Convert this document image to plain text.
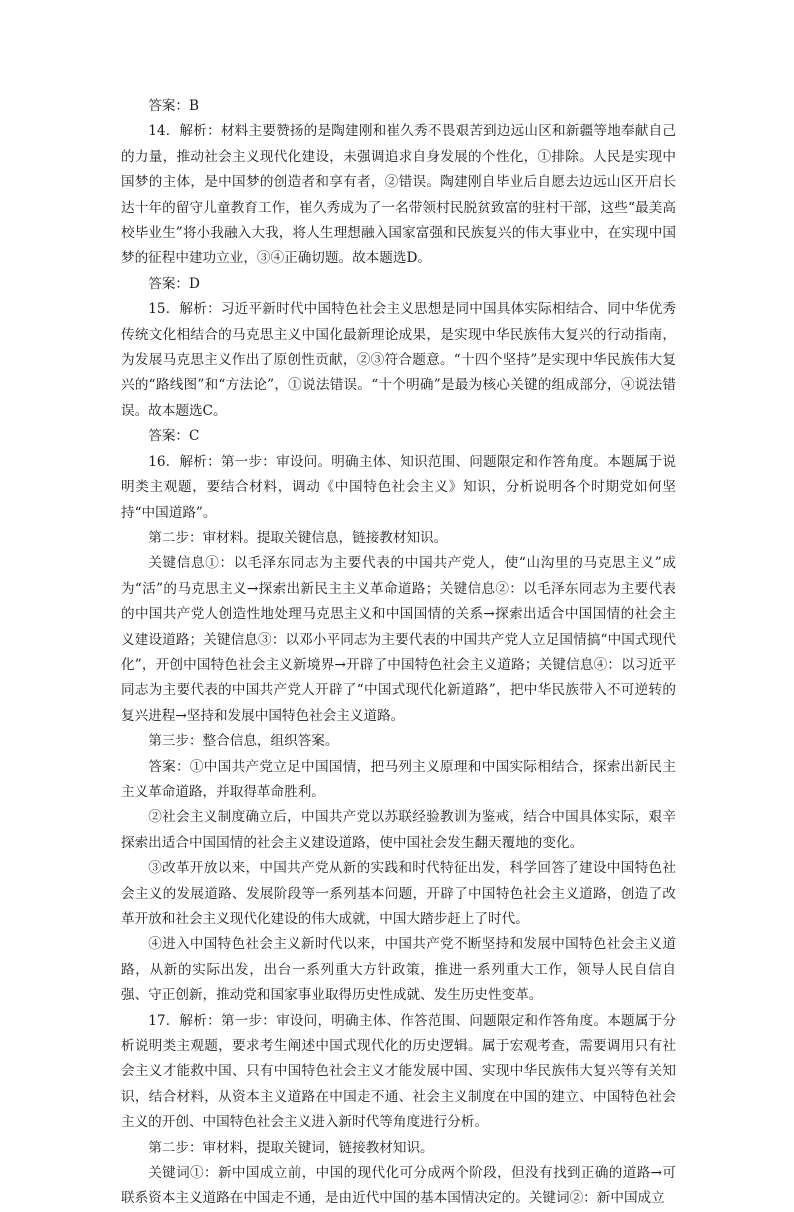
答案：B

14．解析：材料主要赞扬的是陶建刚和崔久秀不畏艰苦到边远山区和新疆等地奉献自己的力量，推动社会主义现代化建设，未强调追求自身发展的个性化，①排除。人民是实现中国梦的主体，是中国梦的创造者和享有者，②错误。陶建刚自毕业后自愿去边远山区开启长达十年的留守儿童教育工作，崔久秀成为了一名带领村民脱贫致富的驻村干部，这些“最美高校毕业生”将小我融入大我，将人生理想融入国家富强和民族复兴的伟大事业中，在实现中国梦的征程中建功立业，③④正确切题。故本题选D。

答案：D

15．解析：习近平新时代中国特色社会主义思想是同中国具体实际相结合、同中华优秀传统文化相结合的马克思主义中国化最新理论成果，是实现中华民族伟大复兴的行动指南，为发展马克思主义作出了原创性贡献，②③符合题意。“十四个坚持”是实现中华民族伟大复兴的“路线图”和“方法论”，①说法错误。“十个明确”是最为核心关键的组成部分，④说法错误。故本题选C。

答案：C

16．解析：第一步：审设问。明确主体、知识范围、问题限定和作答角度。本题属于说明类主观题，要结合材料，调动《中国特色社会主义》知识，分析说明各个时期党如何坚持“中国道路”。

第二步：审材料。提取关键信息，链接教材知识。

关键信息①：以毛泽东同志为主要代表的中国共产党人，使“山沟里的马克思主义”成为“活”的马克思主义→探索出新民主主义革命道路；关键信息②：以毛泽东同志为主要代表的中国共产党人创造性地处理马克思主义和中国国情的关系→探索出适合中国国情的社会主义建设道路；关键信息③：以邓小平同志为主要代表的中国共产党人立足国情搞“中国式现代化”，开创中国特色社会主义新境界→开辟了中国特色社会主义道路；关键信息④：以习近平同志为主要代表的中国共产党人开辟了“中国式现代化新道路”，把中华民族带入不可逆转的复兴进程→坚持和发展中国特色社会主义道路。

第三步：整合信息，组织答案。

答案：①中国共产党立足中国国情，把马列主义原理和中国实际相结合，探索出新民主主义革命道路，并取得革命胜利。

②社会主义制度确立后，中国共产党以苏联经验教训为鉴戒，结合中国具体实际，艰辛探索出适合中国国情的社会主义建设道路，使中国社会发生翻天覆地的变化。

③改革开放以来，中国共产党从新的实践和时代特征出发，科学回答了建设中国特色社会主义的发展道路、发展阶段等一系列基本问题，开辟了中国特色社会主义道路，创造了改革开放和社会主义现代化建设的伟大成就，中国大踏步赶上了时代。

④进入中国特色社会主义新时代以来，中国共产党不断坚持和发展中国特色社会主义道路，从新的实际出发，出台一系列重大方针政策，推进一系列重大工作，领导人民自信自强、守正创新，推动党和国家事业取得历史性成就、发生历史性变革。

17．解析：第一步：审设问，明确主体、作答范围、问题限定和作答角度。本题属于分析说明类主观题，要求考生阐述中国式现代化的历史逻辑。属于宏观考查，需要调用只有社会主义才能救中国、只有中国特色社会主义才能发展中国、实现中华民族伟大复兴等有关知识，结合材料，从资本主义道路在中国走不通、社会主义制度在中国的建立、中国特色社会主义的开创、中国特色社会主义进入新时代等角度进行分析。

第二步：审材料，提取关键词，链接教材知识。

关键词①：新中国成立前，中国的现代化可分成两个阶段，但没有找到正确的道路→可联系资本主义道路在中国走不通，是由近代中国的基本国情决定的。关键词②：新中国成立
